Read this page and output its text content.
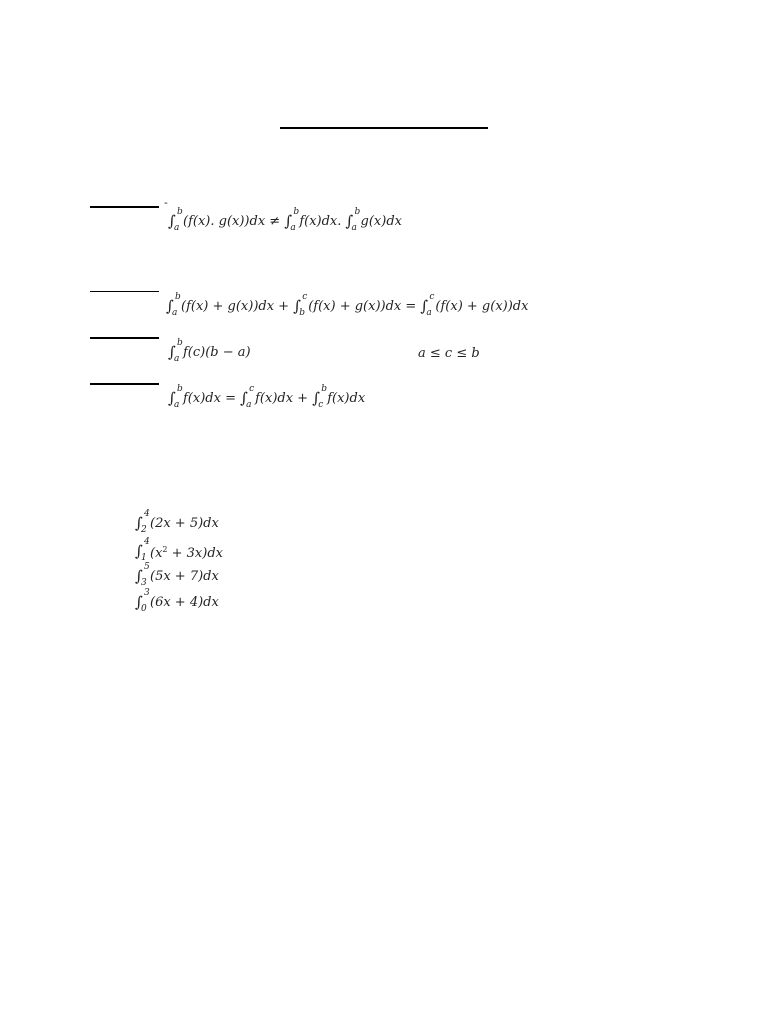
-
∫ b
a (f(x). g(x))dx ≠ ∫ b
a f(x)dx. ∫ b
a g(x)dx
∫ b
a (f(x) + g(x))dx + ∫ c
b (f(x) + g(x))dx = ∫ c
a (f(x) + g(x))dx
∫ b
a f(c)(b − a)	a ≤ c ≤ b
∫ b
a f(x)dx = ∫ c
a f(x)dx + ∫ b
c f(x)dx
∫ 4
2 (2x + 5)dx
∫ 4
1 $(x^2 + 3x)dx$
∫ 5
3 (5x + 7)dx
∫ 3
0 (6x + 4)dx
